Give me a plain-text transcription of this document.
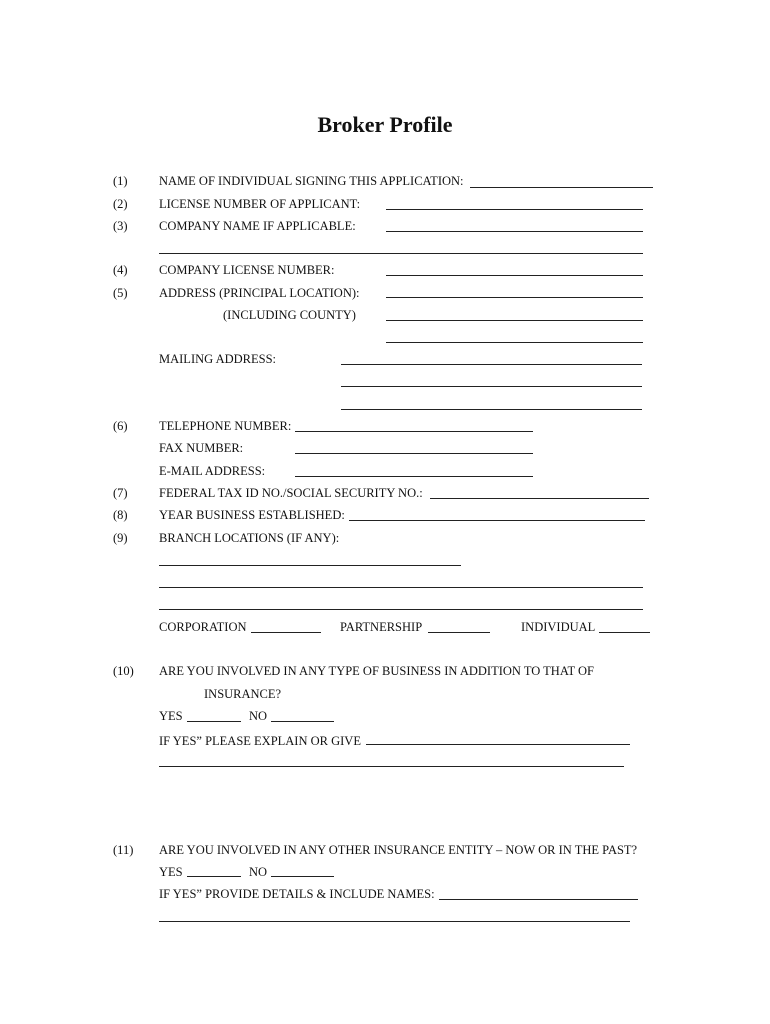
Broker Profile
(1)	NAME OF INDIVIDUAL SIGNING THIS APPLICATION:
(2)	LICENSE NUMBER OF APPLICANT:
(3)	COMPANY NAME IF APPLICABLE:
(4)	COMPANY LICENSE NUMBER:
(5)	ADDRESS (PRINCIPAL LOCATION):
(INCLUDING COUNTY)
MAILING ADDRESS:
(6)	TELEPHONE NUMBER:
FAX NUMBER:
E-MAIL ADDRESS:
(7)	FEDERAL TAX ID NO./SOCIAL SECURITY NO.:
(8)	YEAR BUSINESS ESTABLISHED:
(9)	BRANCH LOCATIONS (IF ANY):
CORPORATION	PARTNERSHIP	INDIVIDUAL
(10) ARE YOU INVOLVED IN ANY TYPE OF BUSINESS IN ADDITION TO THAT OF
INSURANCE?
YES	NO
IF YES” PLEASE EXPLAIN OR GIVE
(11) ARE YOU INVOLVED IN ANY OTHER INSURANCE ENTITY – NOW OR IN THE PAST?
YES	NO
IF YES” PROVIDE DETAILS & INCLUDE NAMES:
